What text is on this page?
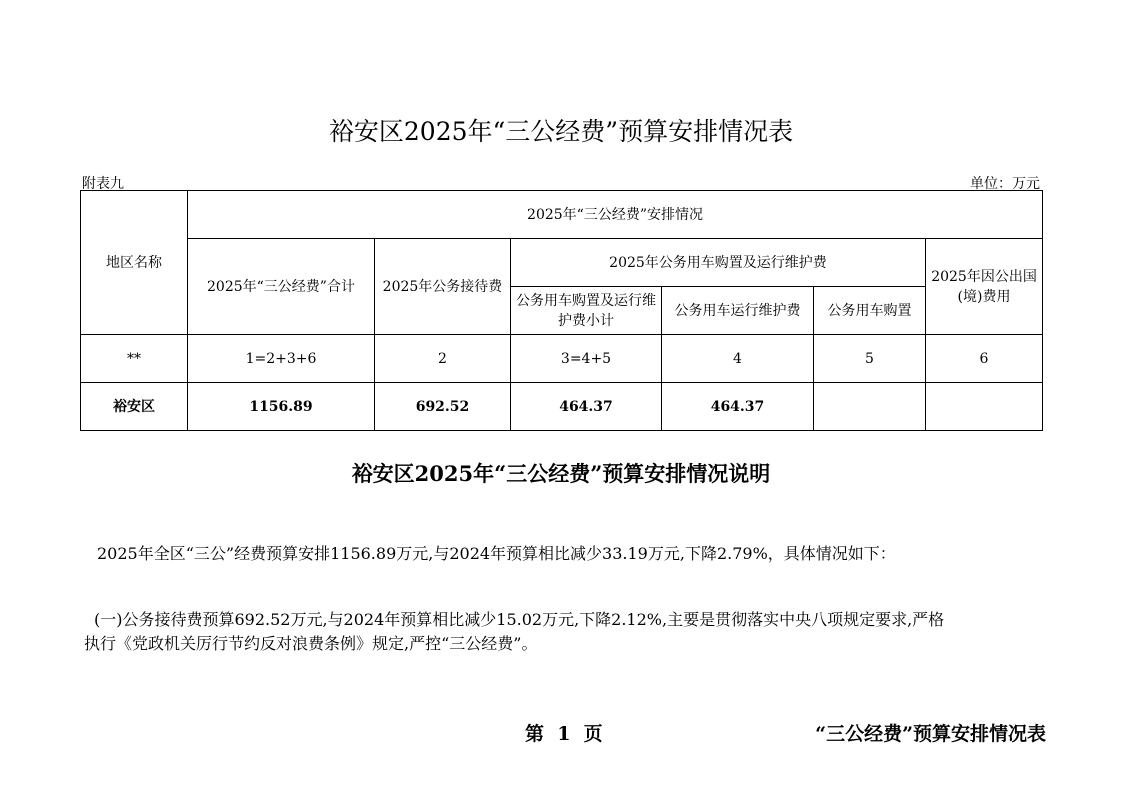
裕安区2025年“三公经费”预算安排情况表
附表九	单位：万元
地区名称	2025年“三公经费”安排情况					
	2025年“三公经费”合计	2025年公务接待费	2025年公务用车购置及运行维护费			2025年因公出国(境)费用
			公务用车购置及运行维护费小计	公务用车运行维护费	公务用车购置	
**	1=2+3+6	2	3=4+5	4	5	6
裕安区	1156.89	692.52	464.37	464.37		
裕安区2025年“三公经费”预算安排情况说明
2025年全区“三公”经费预算安排1156.89万元,与2024年预算相比减少33.19万元,下降2.79%，具体情况如下：
(一)公务接待费预算692.52万元,与2024年预算相比减少15.02万元,下降2.12%,主要是贯彻落实中央八项规定要求,严格
执行《党政机关厉行节约反对浪费条例》规定,严控“三公经费”。
第  1  页	“三公经费”预算安排情况表
